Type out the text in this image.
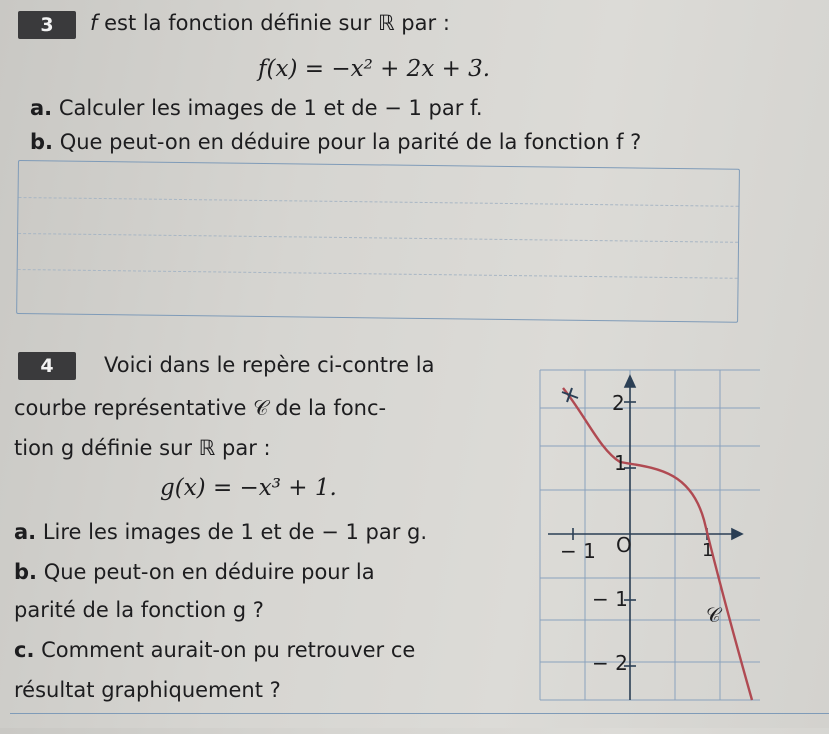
3	f est la fonction définie sur ℝ par :
f(x) = −x² + 2x + 3.
a. Calculer les images de 1 et de − 1 par f.
b. Que peut-on en déduire pour la parité de la fonction f ?
4	Voici dans le repère ci-contre la
courbe représentative 𝒞 de la fonc-
tion g définie sur ℝ par :
g(x) = −x³ + 1.
a. Lire les images de 1 et de − 1 par g.
b. Que peut-on en déduire pour la
parité de la fonction g ?
c. Comment aurait-on pu retrouver ce
résultat graphiquement ?
2
1
− 1 O	1
− 1
− 2
𝒞
